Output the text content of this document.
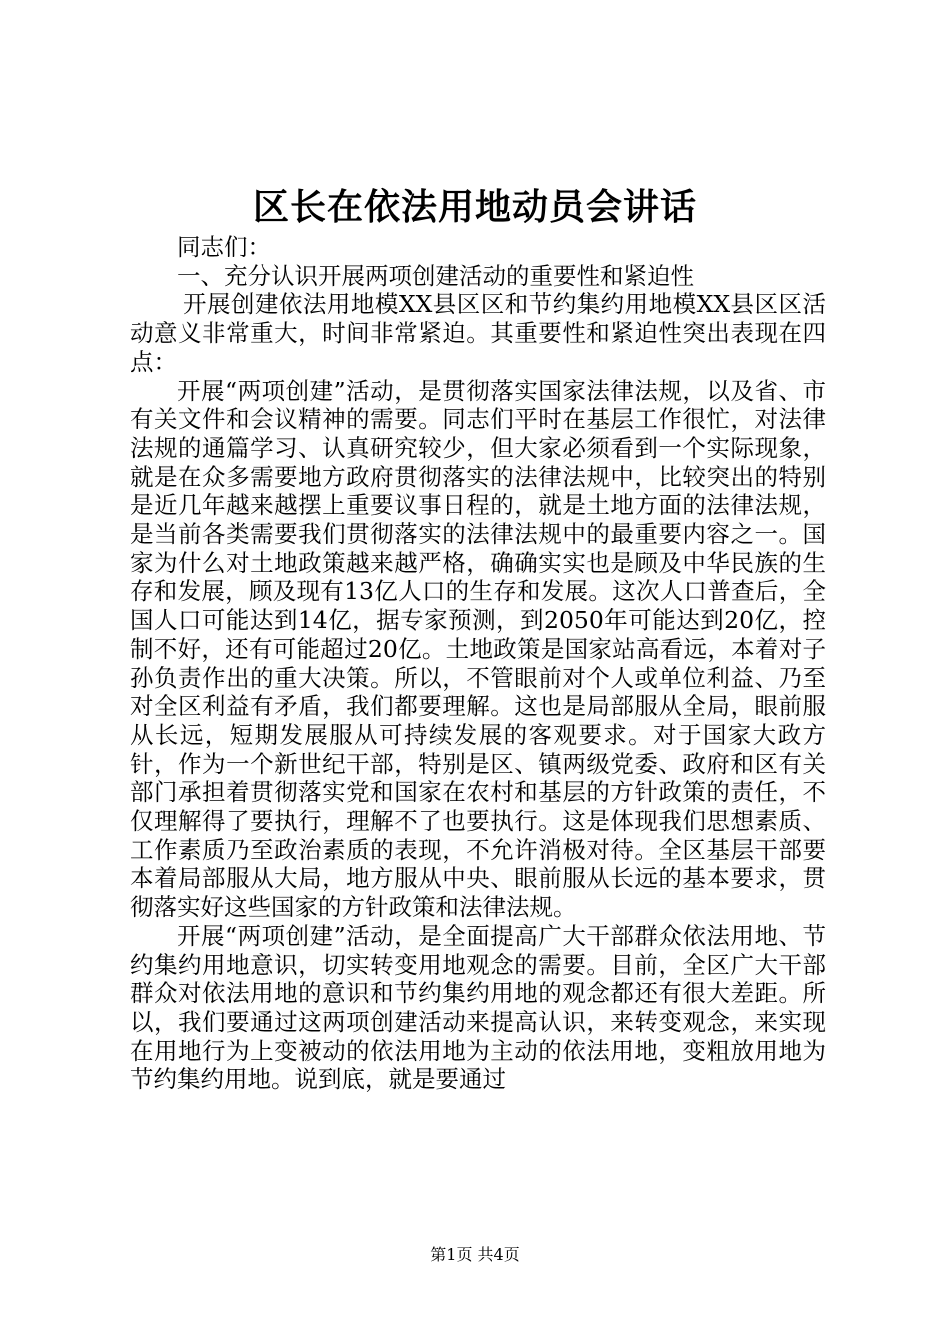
区长在依法用地动员会讲话

同志们：

一、充分认识开展两项创建活动的重要性和紧迫性

开展创建依法用地模XX县区区和节约集约用地模XX县区区活动意义非常重大，时间非常紧迫。其重要性和紧迫性突出表现在四点：

开展“两项创建”活动，是贯彻落实国家法律法规，以及省、市有关文件和会议精神的需要。同志们平时在基层工作很忙，对法律法规的通篇学习、认真研究较少，但大家必须看到一个实际现象，就是在众多需要地方政府贯彻落实的法律法规中，比较突出的特别是近几年越来越摆上重要议事日程的，就是土地方面的法律法规，是当前各类需要我们贯彻落实的法律法规中的最重要内容之一。国家为什么对土地政策越来越严格，确确实实也是顾及中华民族的生存和发展，顾及现有13亿人口的生存和发展。这次人口普查后，全国人口可能达到14亿，据专家预测，到2050年可能达到20亿，控制不好，还有可能超过20亿。土地政策是国家站高看远，本着对子孙负责作出的重大决策。所以，不管眼前对个人或单位利益、乃至对全区利益有矛盾，我们都要理解。这也是局部服从全局，眼前服从长远，短期发展服从可持续发展的客观要求。对于国家大政方针，作为一个新世纪干部，特别是区、镇两级党委、政府和区有关部门承担着贯彻落实党和国家在农村和基层的方针政策的责任，不仅理解得了要执行，理解不了也要执行。这是体现我们思想素质、工作素质乃至政治素质的表现，不允许消极对待。全区基层干部要本着局部服从大局，地方服从中央、眼前服从长远的基本要求，贯彻落实好这些国家的方针政策和法律法规。

开展“两项创建”活动，是全面提高广大干部群众依法用地、节约集约用地意识，切实转变用地观念的需要。目前，全区广大干部群众对依法用地的意识和节约集约用地的观念都还有很大差距。所以，我们要通过这两项创建活动来提高认识，来转变观念，来实现在用地行为上变被动的依法用地为主动的依法用地，变粗放用地为节约集约用地。说到底，就是要通过

第1页 共4页
